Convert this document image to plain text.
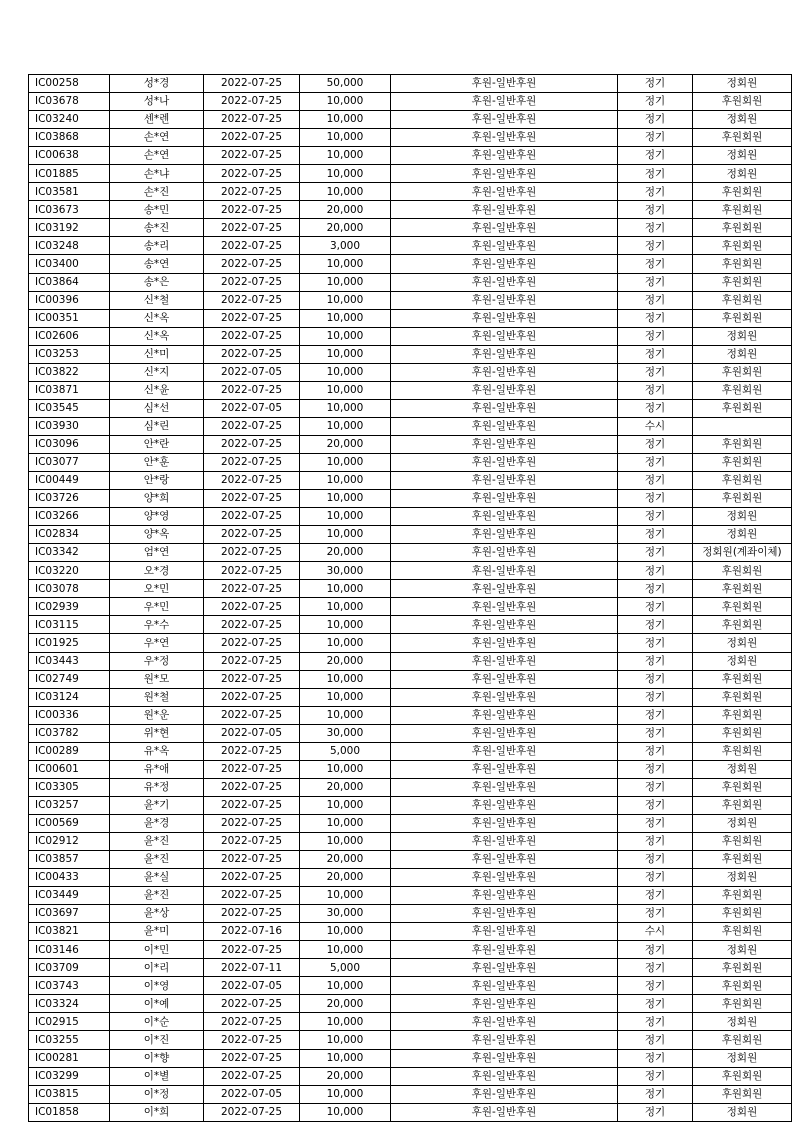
IC00258	성*경	2022-07-25	50,000	후원-일반후원	정기	정회원
IC03678	성*나	2022-07-25	10,000	후원-일반후원	정기	후원회원
IC03240	센*렌	2022-07-25	10,000	후원-일반후원	정기	정회원
IC03868	손*연	2022-07-25	10,000	후원-일반후원	정기	후원회원
IC00638	손*연	2022-07-25	10,000	후원-일반후원	정기	정회원
IC01885	손*냐	2022-07-25	10,000	후원-일반후원	정기	정회원
IC03581	손*진	2022-07-25	10,000	후원-일반후원	정기	후원회원
IC03673	송*민	2022-07-25	20,000	후원-일반후원	정기	후원회원
IC03192	송*진	2022-07-25	20,000	후원-일반후원	정기	후원회원
IC03248	송*리	2022-07-25	3,000	후원-일반후원	정기	후원회원
IC03400	송*연	2022-07-25	10,000	후원-일반후원	정기	후원회원
IC03864	송*은	2022-07-25	10,000	후원-일반후원	정기	후원회원
IC00396	신*철	2022-07-25	10,000	후원-일반후원	정기	후원회원
IC00351	신*옥	2022-07-25	10,000	후원-일반후원	정기	후원회원
IC02606	신*옥	2022-07-25	10,000	후원-일반후원	정기	정회원
IC03253	신*미	2022-07-25	10,000	후원-일반후원	정기	정회원
IC03822	신*지	2022-07-05	10,000	후원-일반후원	정기	후원회원
IC03871	신*윤	2022-07-25	10,000	후원-일반후원	정기	후원회원
IC03545	심*선	2022-07-05	10,000	후원-일반후원	정기	후원회원
IC03930	심*린	2022-07-25	10,000	후원-일반후원	수시	
IC03096	안*란	2022-07-25	20,000	후원-일반후원	정기	후원회원
IC03077	안*훈	2022-07-25	10,000	후원-일반후원	정기	후원회원
IC00449	안*랑	2022-07-25	10,000	후원-일반후원	정기	후원회원
IC03726	양*희	2022-07-25	10,000	후원-일반후원	정기	후원회원
IC03266	양*영	2022-07-25	10,000	후원-일반후원	정기	정회원
IC02834	양*옥	2022-07-25	10,000	후원-일반후원	정기	정회원
IC03342	엄*연	2022-07-25	20,000	후원-일반후원	정기	정회원(계좌이체)
IC03220	오*경	2022-07-25	30,000	후원-일반후원	정기	후원회원
IC03078	오*민	2022-07-25	10,000	후원-일반후원	정기	후원회원
IC02939	우*민	2022-07-25	10,000	후원-일반후원	정기	후원회원
IC03115	우*수	2022-07-25	10,000	후원-일반후원	정기	후원회원
IC01925	우*연	2022-07-25	10,000	후원-일반후원	정기	정회원
IC03443	우*정	2022-07-25	20,000	후원-일반후원	정기	정회원
IC02749	원*모	2022-07-25	10,000	후원-일반후원	정기	후원회원
IC03124	원*철	2022-07-25	10,000	후원-일반후원	정기	후원회원
IC00336	원*운	2022-07-25	10,000	후원-일반후원	정기	후원회원
IC03782	위*현	2022-07-05	30,000	후원-일반후원	정기	후원회원
IC00289	유*옥	2022-07-25	5,000	후원-일반후원	정기	후원회원
IC00601	유*애	2022-07-25	10,000	후원-일반후원	정기	정회원
IC03305	유*정	2022-07-25	20,000	후원-일반후원	정기	후원회원
IC03257	윤*기	2022-07-25	10,000	후원-일반후원	정기	후원회원
IC00569	윤*경	2022-07-25	10,000	후원-일반후원	정기	정회원
IC02912	윤*진	2022-07-25	10,000	후원-일반후원	정기	후원회원
IC03857	윤*진	2022-07-25	20,000	후원-일반후원	정기	후원회원
IC00433	윤*실	2022-07-25	20,000	후원-일반후원	정기	정회원
IC03449	윤*진	2022-07-25	10,000	후원-일반후원	정기	후원회원
IC03697	윤*상	2022-07-25	30,000	후원-일반후원	정기	후원회원
IC03821	윤*미	2022-07-16	10,000	후원-일반후원	수시	후원회원
IC03146	이*민	2022-07-25	10,000	후원-일반후원	정기	정회원
IC03709	이*리	2022-07-11	5,000	후원-일반후원	정기	후원회원
IC03743	이*영	2022-07-05	10,000	후원-일반후원	정기	후원회원
IC03324	이*예	2022-07-25	20,000	후원-일반후원	정기	후원회원
IC02915	이*순	2022-07-25	10,000	후원-일반후원	정기	정회원
IC03255	이*진	2022-07-25	10,000	후원-일반후원	정기	후원회원
IC00281	이*향	2022-07-25	10,000	후원-일반후원	정기	정회원
IC03299	이*별	2022-07-25	20,000	후원-일반후원	정기	후원회원
IC03815	이*정	2022-07-05	10,000	후원-일반후원	정기	후원회원
IC01858	이*희	2022-07-25	10,000	후원-일반후원	정기	정회원
